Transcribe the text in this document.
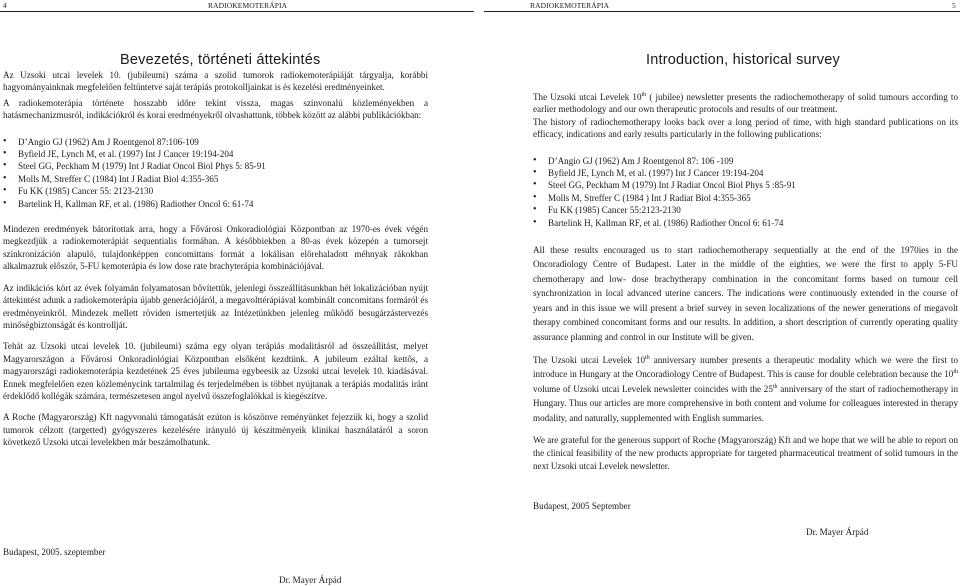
4	RADIOKEMOTERÁPIA
Bevezetés, történeti áttekintés

Az Uzsoki utcai levelek 10. (jubileumi) száma a szolid tumorok radiokemoterápiáját tárgyalja, korábbi hagyományainknak megfelelően feltüntetve saját terápiás protokolljainkat is és kezelési eredményeinket.

A radiokemoterápia története hosszabb időre tekint vissza, magas színvonalú közleményekben a hatásmechanizmusról, indikációkról és korai eredményekről olvashattunk, többek között az alábbi publikációkban:

• D’Angio GJ (1962) Am J Roentgenol 87:106-109
• Byfield JE, Lynch M, et al. (1997) Int J Cancer 19:194-204
• Steel GG, Peckham M (1979) Int J Radiat Oncol Biol Phys 5: 85-91
• Molls M, Streffer C (1984) Int J Radiat Biol 4:355-365
• Fu KK (1985) Cancer 55: 2123-2130
• Bartelink H, Kallman RF, et al. (1986) Radiother Oncol 6: 61-74

Mindezen eredmények bátorítottak arra, hogy a Fővárosi Onkoradiológiai Központban az 1970-es évek végén megkezdjük a radiokemoterápiát sequentialis formában. A későbbiekben a 80-as évek közepén a tumorsejt szinkronizáción alapuló, tulajdonképpen concomittans formát a lokálisan előrehaladott méhnyak rákokban alkalmaztuk először, 5-FU kemoterápia és low dose rate brachyterápia kombinációjával.

Az indikációs kört az évek folyamán folyamatosan bővítettük, jelenlegi összeállításunkban hét lokalizációban nyújt áttekintést adunk a radiokemoterápia újabb generációjáról, a megavolttérápiával kombinált concomitans formáról és eredményeinkről. Mindezek mellett röviden ismertetjük az Intézetünkben jelenleg működő besugárzástervezés minőségbiztonságát és kontrollját.

Tehát az Uzsoki utcai levelek 10. (jubileumi) száma egy olyan terápiás modalitásról ad összeállítást, melyet Magyarországon a Fővárosi Onkoradiológiai Központban elsőként kezdtünk. A jubileum ezáltal kettős, a magyarországi radiokemoterápia kezdetének 25 éves jubileuma egybeesik az Uzsoki utcai levelek 10. kiadásával. Ennek megfelelően ezen közleménycink tartalmilag és terjedelmében is többet nyújtanak a terápiás modalitás iránt érdeklődő kollégák számára, természetesen angol nyelvű összefoglalókkal is kiegészítve.

A Roche (Magyarország) Kft nagyvonalú támogatását ezúton is köszönve reményünket fejezzük ki, hogy a szolid tumorok célzott (targetted) gyógyszeres kezelésére irányuló új készítményeik klinikai használatáról a soron következő Uzsoki utcai levelekben már beszámolhatunk.

Budapest, 2005. szeptember
Dr. Mayer Árpád
RADIOKEMOTERÁPIA	5
Introduction, historical survey

The Uzsoki utcai Levelek 10th ( jubilee) newsletter presents the radiochemotherapy of solid tumours according to earlier methodology and our own therapeutic protocols and results of our treatment.

The history of radiochemotherapy looks back over a long period of time, with high standard publications on its efficacy, indications and early results particularly in the following publications:

• D’Angio GJ (1962) Am J Roentgenol 87: 106 -109
• Byfield JE, Lynch M, et al. (1997) Int J Cancer 19:194-204
• Steel GG, Peckham M (1979) Int J Radiat Oncol Biol Phys 5 :85-91
• Molls M, Streffer C (1984 ) Int J Radiat Biol 4:355-365
• Fu KK (1985) Cancer 55:2123-2130
• Bartelink H, Kallman RF, et al. (1986) Radiother Oncol 6: 61-74

All these results encouraged us to start radiochemotherapy sequentially at the end of the 1970ies in the Oncoradiology Centre of Budapest. Later in the middle of the eighties, we were the first to apply 5-FU chemotherapy and low- dose brachytherapy combination in the concomitant forms based on tumour cell synchronization in local advanced uterine cancers. The indications were continuously extended in the course of years and in this issue we will present a brief survey in seven localizations of the newer generations of megavolt therapy combined concomitant forms and our results. In addition, a short description of currently operating quality assurance planning and control in our Institute will be given.

The Uzsoki utcai Levelek 10th anniversary number presents a therapeutic modality which we were the first to introduce in Hungary at the Oncoradiology Centre of Budapest. This is cause for double celebration because the 10th volume of Uzsoki utcai Levelek newsletter coincides with the 25th anniversary of the start of radiochemotherapy in Hungary. Thus our articles are more comprehensive in both content and volume for colleagues interested in therapy modality, and naturally, supplemented with English summaries.

We are grateful for the generous support of Roche (Magyarország) Kft and we hope that we will be able to report on the clinical feasibility of the new products appropriate for targeted pharmaceutical treatment of solid tumours in the next Uzsoki utcai Levelek newsletter.

Budapest, 2005 September
Dr. Mayer Árpád
